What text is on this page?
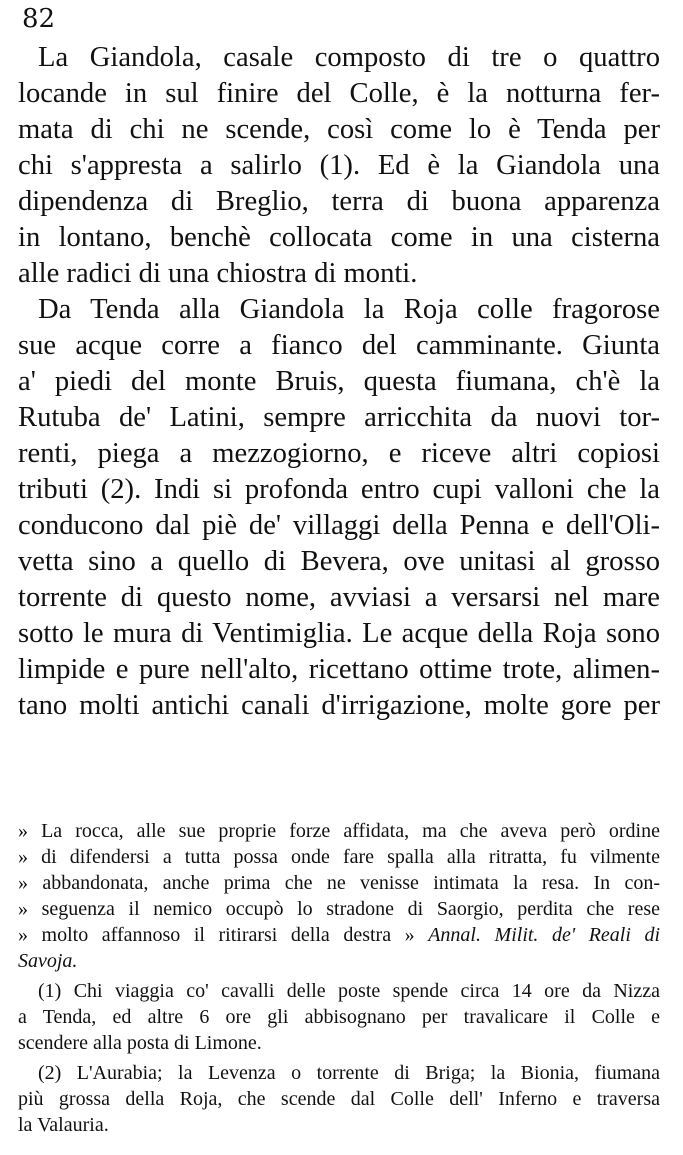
82
La Giandola, casale composto di tre o quattro
locande in sul finire del Colle, è la notturna fer-
mata di chi ne scende, così come lo è Tenda per
chi s'appresta a salirlo (1). Ed è la Giandola una
dipendenza di Breglio, terra di buona apparenza
in lontano, benchè collocata come in una cisterna
alle radici di una chiostra di monti.
Da Tenda alla Giandola la Roja colle fragorose
sue acque corre a fianco del camminante. Giunta
a' piedi del monte Bruis, questa fiumana, ch'è la
Rutuba de' Latini, sempre arricchita da nuovi tor-
renti, piega a mezzogiorno, e riceve altri copiosi
tributi (2). Indi si profonda entro cupi valloni che la
conducono dal piè de' villaggi della Penna e dell'Oli-
vetta sino a quello di Bevera, ove unitasi al grosso
torrente di questo nome, avviasi a versarsi nel mare
sotto le mura di Ventimiglia. Le acque della Roja sono
limpide e pure nell'alto, ricettano ottime trote, alimen-
tano molti antichi canali d'irrigazione, molte gore per
» La rocca, alle sue proprie forze affidata, ma che aveva però ordine
» di difendersi a tutta possa onde fare spalla alla ritratta, fu vilmente
» abbandonata, anche prima che ne venisse intimata la resa. In con-
» seguenza il nemico occupò lo stradone di Saorgio, perdita che rese
» molto affannoso il ritirarsi della destra » Annal. Milit. de' Reali di
Savoja.
(1) Chi viaggia co' cavalli delle poste spende circa 14 ore da Nizza
a Tenda, ed altre 6 ore gli abbisognano per travalicare il Colle e
scendere alla posta di Limone.
(2) L'Aurabia; la Levenza o torrente di Briga; la Bionia, fiumana
più grossa della Roja, che scende dal Colle dell' Inferno e traversa
la Valauria.
